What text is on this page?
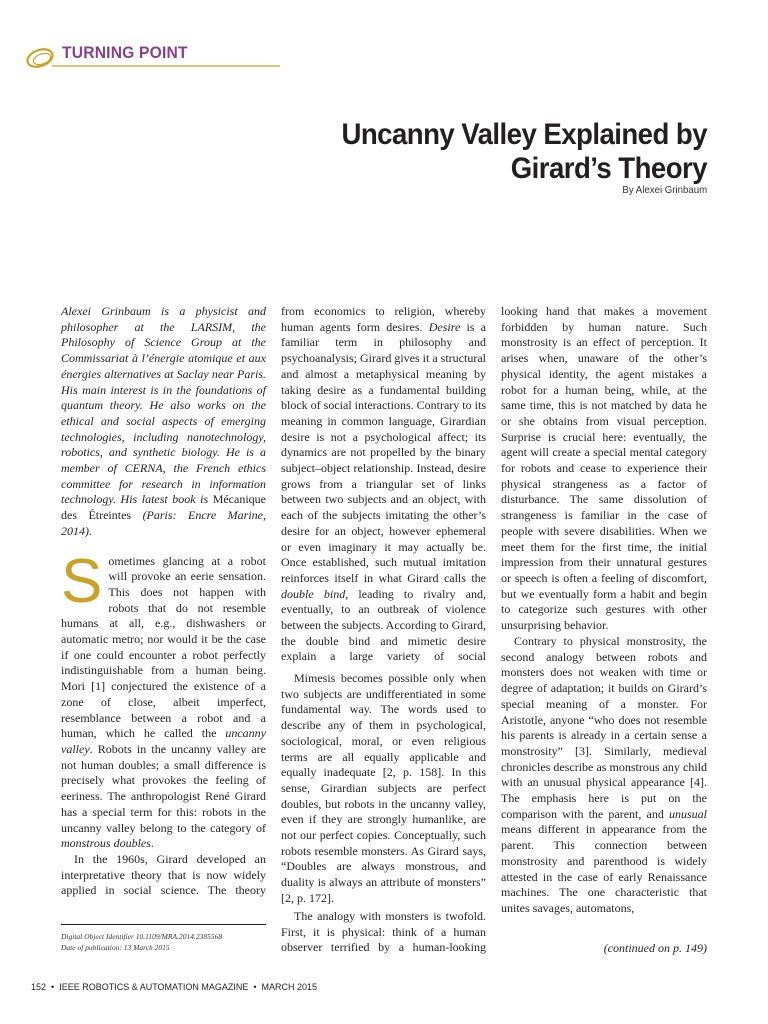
TURNING POINT
Uncanny Valley Explained by
Girard’s Theory
By Alexei Grinbaum
Alexei Grinbaum is a physicist and philosopher at the LARSIM, the Philosophy of Science Group at the Commissariat à l’énergie atomique et aux énergies alternatives at Saclay near Paris. His main interest is in the foundations of quantum theory. He also works on the ethical and social aspects of emerging technologies, including nanotechnology, robotics, and synthetic biology. He is a member of CERNA, the French ethics committee for research in information technology. His latest book is Mécanique des Étreintes (Paris: Encre Marine, 2014).

Sometimes glancing at a robot will provoke an eerie sensation. This does not happen with robots that do not resemble humans at all, e.g., dishwashers or automatic metro; nor would it be the case if one could encounter a robot perfectly indistinguishable from a human being. Mori [1] conjectured the existence of a zone of close, albeit imperfect, resemblance between a robot and a human, which he called the uncanny valley. Robots in the uncanny valley are not human doubles; a small difference is precisely what provokes the feeling of eeriness. The anthropologist René Girard has a special term for this: robots in the uncanny valley belong to the category of monstrous doubles.

In the 1960s, Girard developed an interpretative theory that is now widely applied in social science. The theory

from economics to religion, whereby human agents form desires. Desire is a familiar term in philosophy and psychoanalysis; Girard gives it a structural and almost a metaphysical meaning by taking desire as a fundamental building block of social interactions. Contrary to its meaning in common language, Girardian desire is not a psychological affect; its dynamics are not propelled by the binary subject–object relationship. Instead, desire grows from a triangular set of links between two subjects and an object, with each of the subjects imitating the other’s desire for an object, however ephemeral or even imaginary it may actually be. Once established, such mutual imitation reinforces itself in what Girard calls the double bind, leading to rivalry and, eventually, to an outbreak of violence between the subjects. According to Girard, the double bind and mimetic desire explain a large variety of social

Mimesis becomes possible only when two subjects are undifferentiated in some fundamental way. The words used to describe any of them in psychological, sociological, moral, or even religious terms are all equally applicable and equally inadequate [2, p. 158]. In this sense, Girardian subjects are perfect doubles, but robots in the uncanny valley, even if they are strongly humanlike, are not our perfect copies. Conceptually, such robots resemble monsters. As Girard says, “Doubles are always monstrous, and duality is always an attribute of monsters” [2, p. 172].

The analogy with monsters is twofold. First, it is physical: think of a human observer terrified by a human-looking

looking hand that makes a movement forbidden by human nature. Such monstrosity is an effect of perception. It arises when, unaware of the other’s physical identity, the agent mistakes a robot for a human being, while, at the same time, this is not matched by data he or she obtains from visual perception. Surprise is crucial here: eventually, the agent will create a special mental category for robots and cease to experience their physical strangeness as a factor of disturbance. The same dissolution of strangeness is familiar in the case of people with severe disabilities. When we meet them for the first time, the initial impression from their unnatural gestures or speech is often a feeling of discomfort, but we eventually form a habit and begin to categorize such gestures with other unsurprising behavior.

Contrary to physical monstrosity, the second analogy between robots and monsters does not weaken with time or degree of adaptation; it builds on Girard’s special meaning of a monster. For Aristotle, anyone “who does not resemble his parents is already in a certain sense a monstrosity” [3]. Similarly, medieval chronicles describe as monstrous any child with an unusual physical appearance [4]. The emphasis here is put on the comparison with the parent, and unusual means different in appearance from the parent. This connection between monstrosity and parenthood is widely attested in the case of early Renaissance machines. The one characteristic that unites savages, automatons,

Digital Object Identifier 10.1109/MRA.2014.2385568
Date of publication: 13 March 2015	(continued on p. 149)
152 • IEEE ROBOTICS & AUTOMATION MAGAZINE • MARCH 2015
